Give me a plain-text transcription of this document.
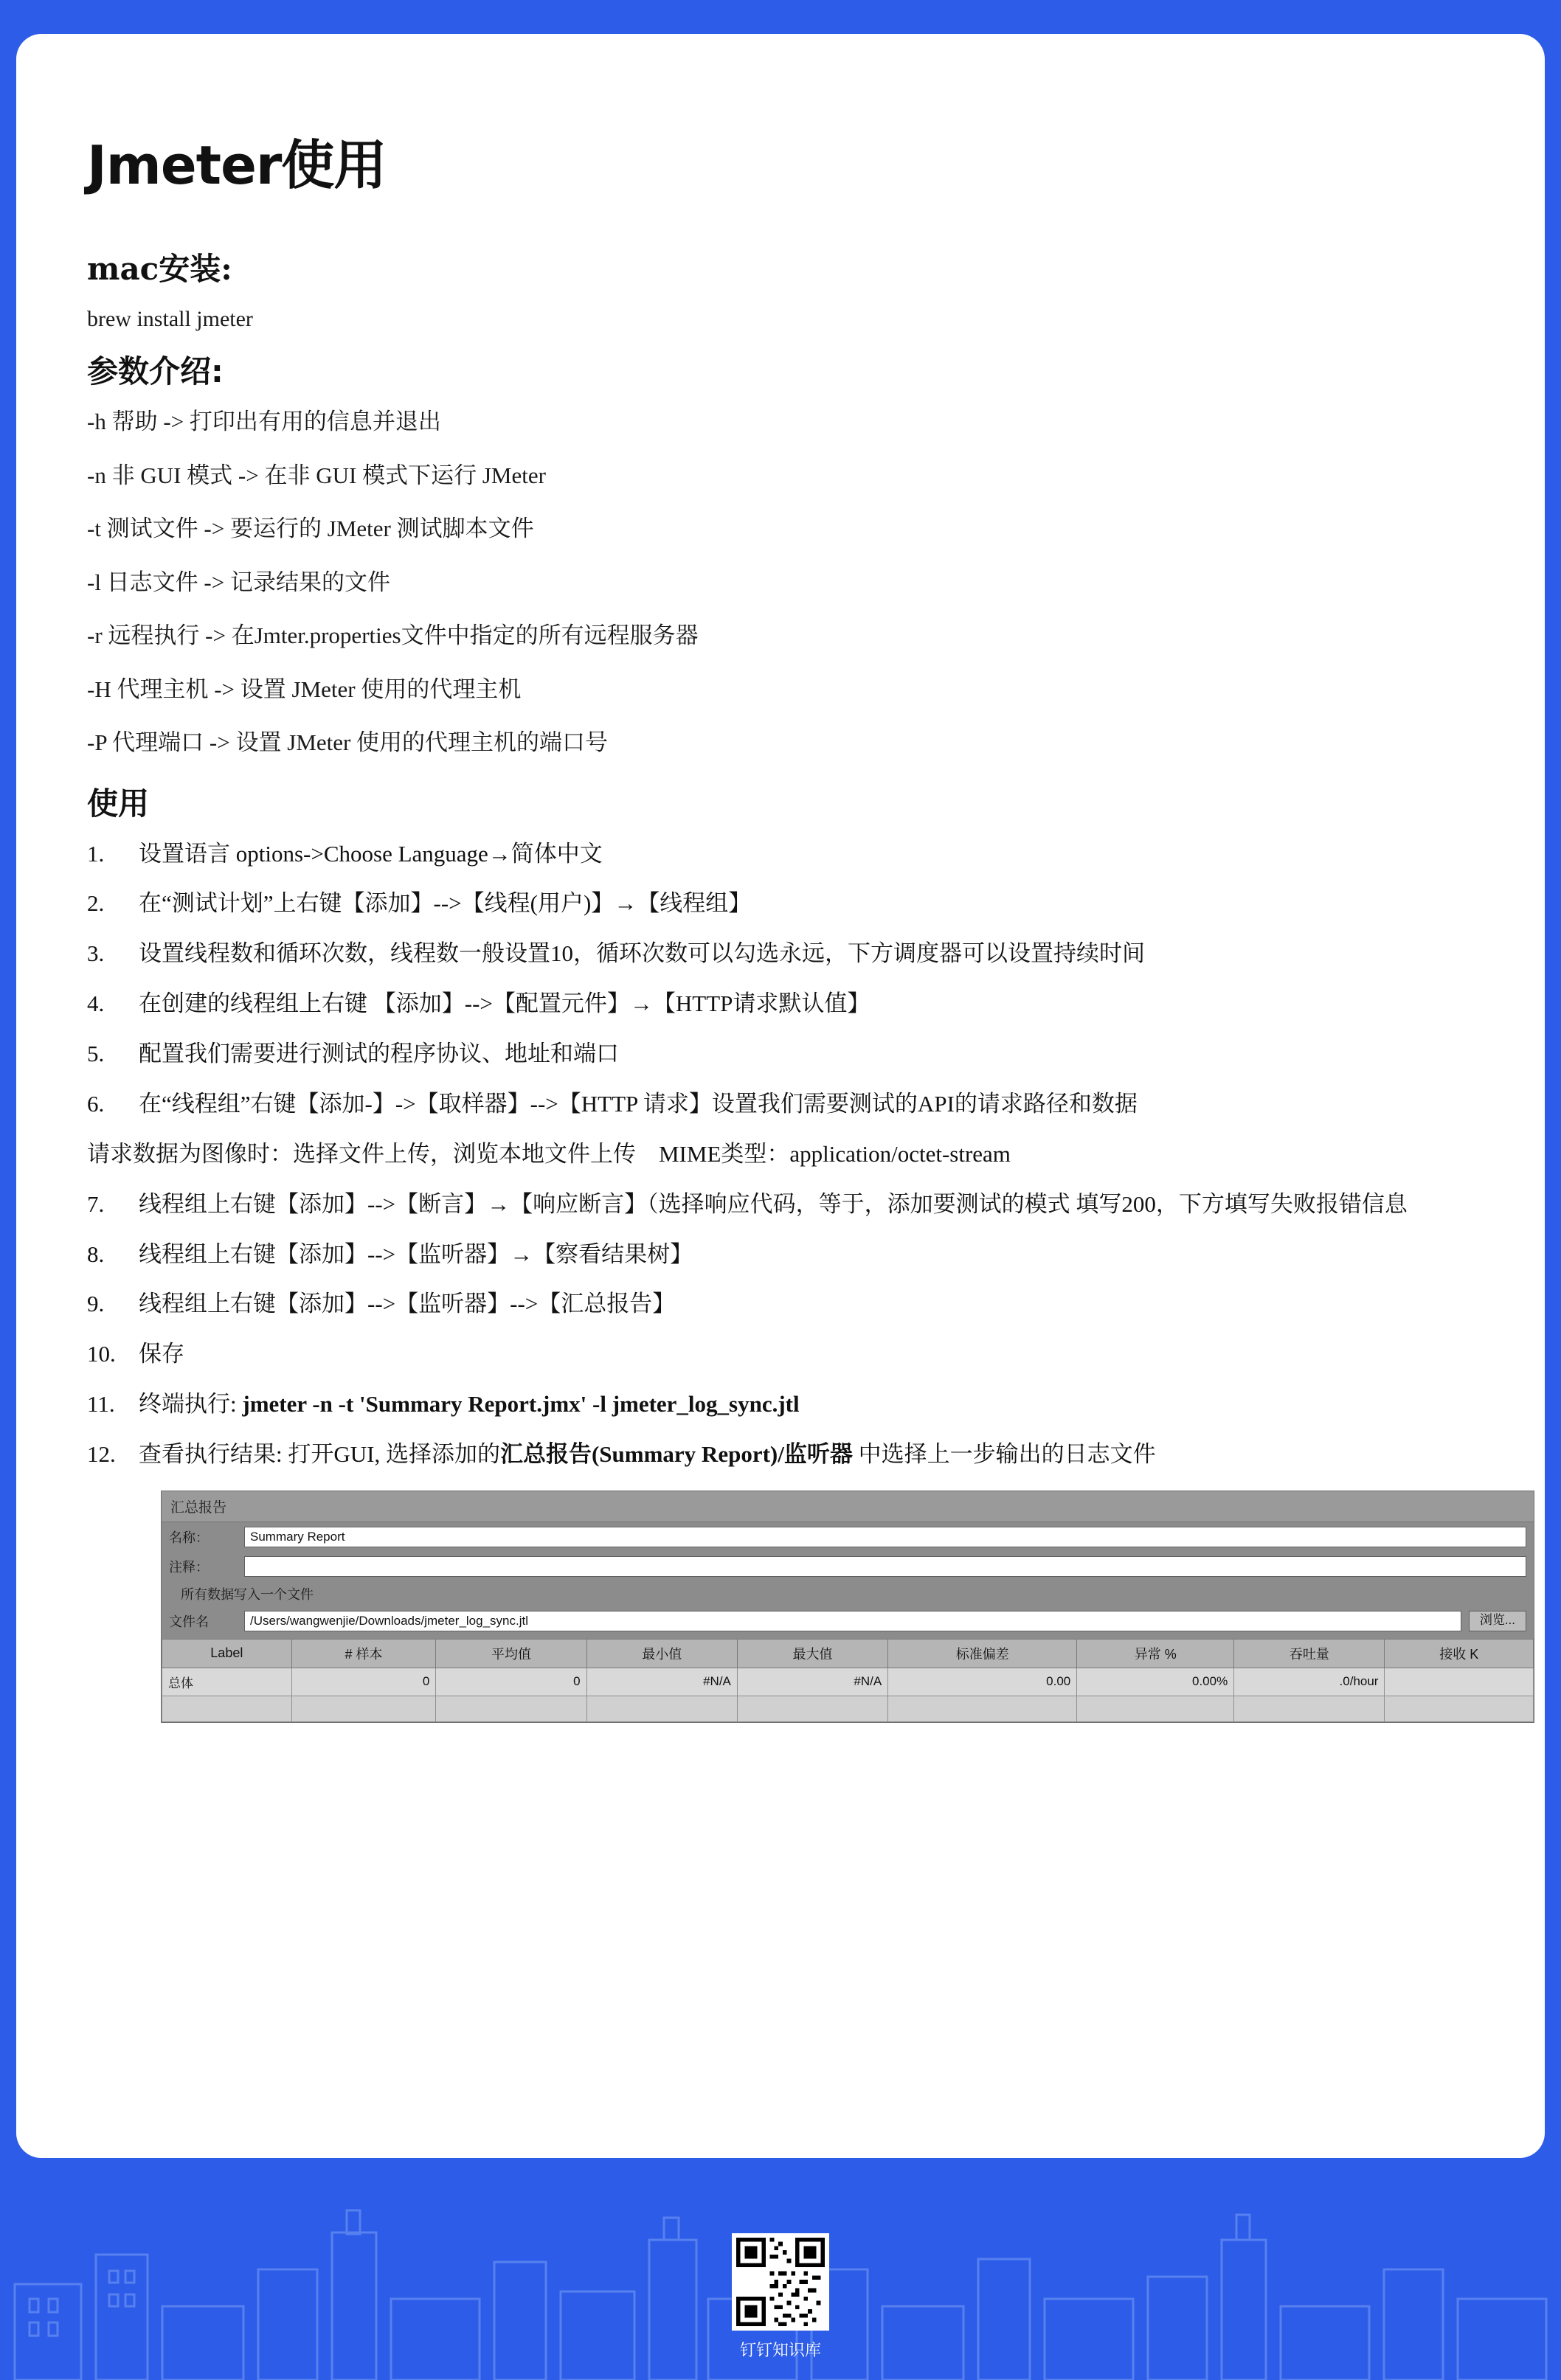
Jmeter使用
mac安装:

brew install jmeter

参数介绍:

-h 帮助 -> 打印出有用的信息并退出

-n 非 GUI 模式 -> 在非 GUI 模式下运行 JMeter

-t 测试文件 -> 要运行的 JMeter 测试脚本文件

-l 日志文件 -> 记录结果的文件

-r 远程执行 -> 在Jmter.properties文件中指定的所有远程服务器

-H 代理主机 -> 设置 JMeter 使用的代理主机

-P 代理端口 -> 设置 JMeter 使用的代理主机的端口号

使用
1.	设置语言 options->Choose Language→简体中文
2.	在“测试计划”上右键【添加】-->【线程(用户)】→【线程组】
3.	设置线程数和循环次数，线程数一般设置10，循环次数可以勾选永远，下方调度器可以设置持续时间
4.	在创建的线程组上右键 【添加】-->【配置元件】→【HTTP请求默认值】
5.	配置我们需要进行测试的程序协议、地址和端口
6.	在“线程组”右键【添加-】->【取样器】-->【HTTP 请求】设置我们需要测试的API的请求路径和数据

请求数据为图像时：选择文件上传，浏览本地文件上传　MIME类型：application/octet-stream

7.	线程组上右键【添加】-->【断言】→【响应断言】（选择响应代码，等于，添加要测试的模式 填写200，下方填写失败报错信息
8.	线程组上右键【添加】-->【监听器】→【察看结果树】
9.	线程组上右键【添加】-->【监听器】-->【汇总报告】
10.	保存
11.	终端执行: jmeter -n -t 'Summary Report.jmx' -l jmeter_log_sync.jtl
12.	查看执行结果: 打开GUI, 选择添加的汇总报告(Summary Report)/监听器 中选择上一步输出的日志文件
汇总报告
名称：	Summary Report
注释：
所有数据写入一个文件
文件名	/Users/wangwenjie/Downloads/jmeter_log_sync.jtl	浏览...
Label	# 样本	平均值	最小值	最大值	标准偏差	异常 %	吞吐量	接收 K
总体	0	0	#N/A	#N/A	0.00	0.00%	.0/hour	

钉钉知识库
